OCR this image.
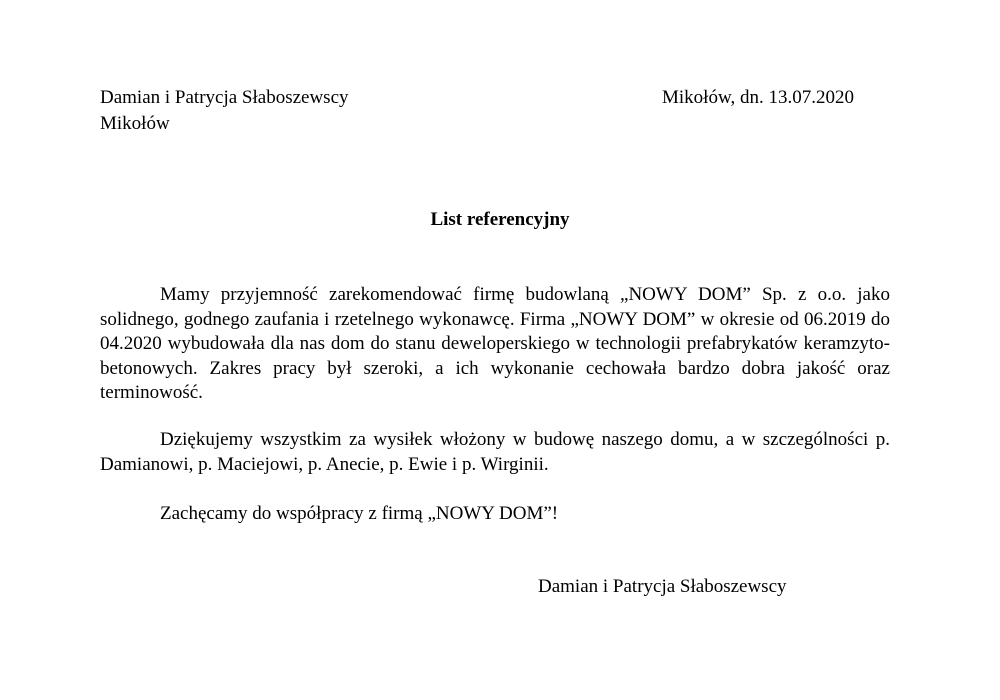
Damian i Patrycja Słaboszewscy
Mikołów
Mikołów, dn. 13.07.2020
List referencyjny

Mamy przyjemność zarekomendować firmę budowlaną „NOWY DOM” Sp. z o.o. jako solidnego, godnego zaufania i rzetelnego wykonawcę. Firma „NOWY DOM” w okresie od 06.2019 do 04.2020 wybudowała dla nas dom do stanu deweloperskiego w technologii prefabrykatów keramzyto-betonowych. Zakres pracy był szeroki, a ich wykonanie cechowała bardzo dobra jakość oraz terminowość.

Dziękujemy wszystkim za wysiłek włożony w budowę naszego domu, a w szczególności p. Damianowi, p. Maciejowi, p. Anecie, p. Ewie i p. Wirginii.

Zachęcamy do współpracy z firmą „NOWY DOM”!

Damian i Patrycja Słaboszewscy
